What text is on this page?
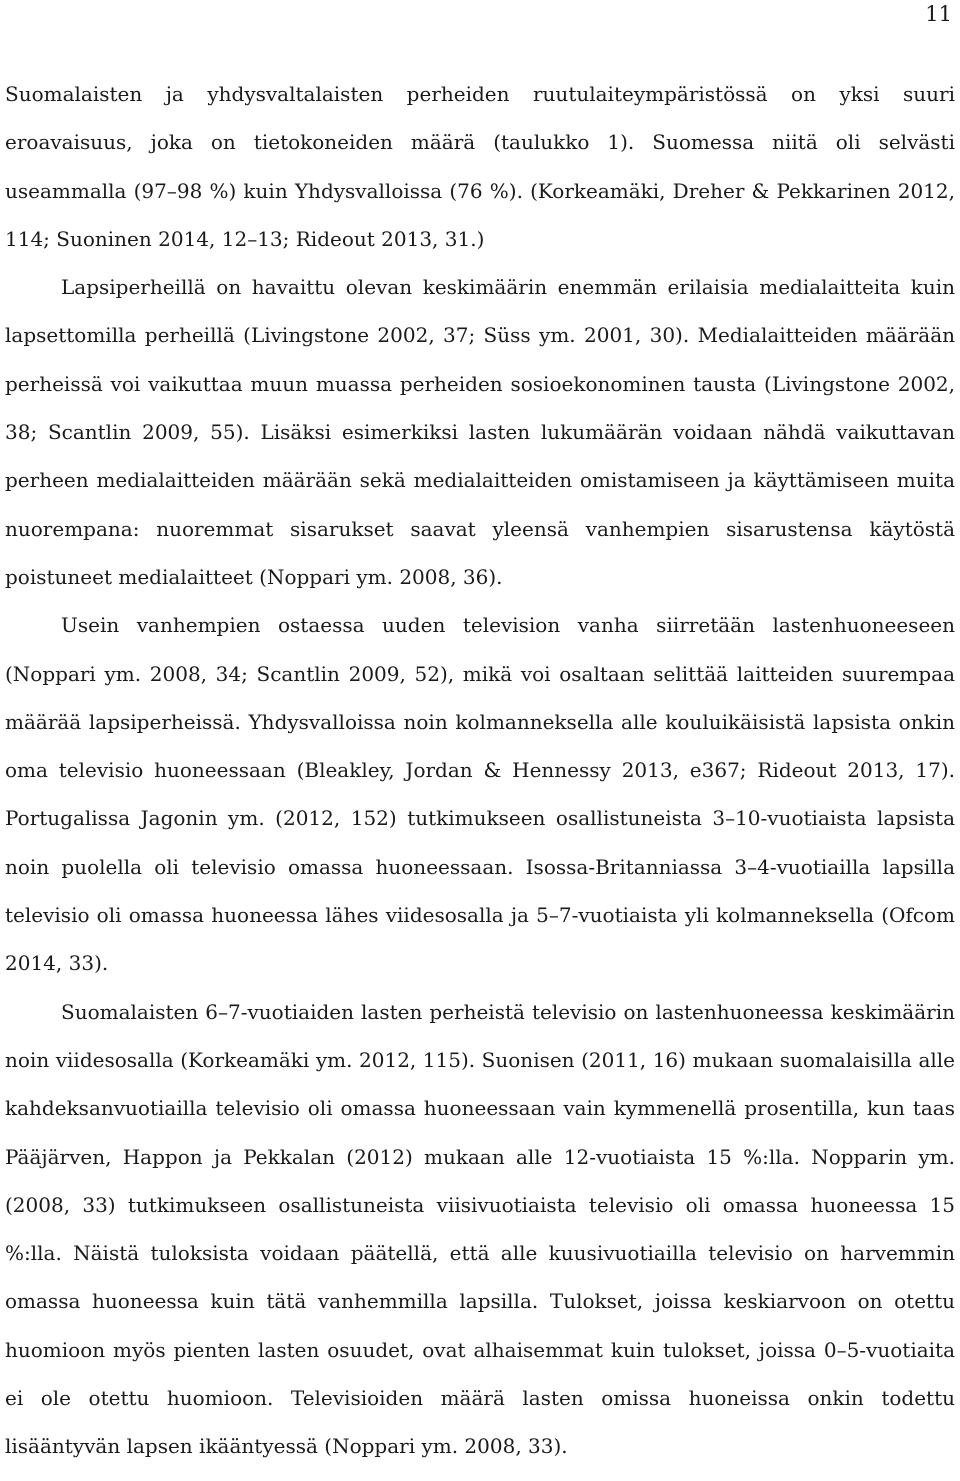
11

Suomalaisten ja yhdysvaltalaisten perheiden ruutulaiteympäristössä on yksi suuri eroavaisuus, joka on tietokoneiden määrä (taulukko 1). Suomessa niitä oli selvästi useammalla (97–98 %) kuin Yhdysvalloissa (76 %). (Korkeamäki, Dreher & Pekkarinen 2012, 114; Suoninen 2014, 12–13; Rideout 2013, 31.)

Lapsiperheillä on havaittu olevan keskimäärin enemmän erilaisia medialaitteita kuin lapsettomilla perheillä (Livingstone 2002, 37; Süss ym. 2001, 30). Medialaitteiden määrään perheissä voi vaikuttaa muun muassa perheiden sosioekonominen tausta (Livingstone 2002, 38; Scantlin 2009, 55). Lisäksi esimerkiksi lasten lukumäärän voidaan nähdä vaikuttavan perheen medialaitteiden määrään sekä medialaitteiden omistamiseen ja käyttämiseen muita nuorempana: nuoremmat sisarukset saavat yleensä vanhempien sisarustensa käytöstä poistuneet medialaitteet (Noppari ym. 2008, 36).

Usein vanhempien ostaessa uuden television vanha siirretään lastenhuoneeseen (Noppari ym. 2008, 34; Scantlin 2009, 52), mikä voi osaltaan selittää laitteiden suurempaa määrää lapsiperheissä. Yhdysvalloissa noin kolmanneksella alle kouluikäisistä lapsista onkin oma televisio huoneessaan (Bleakley, Jordan & Hennessy 2013, e367; Rideout 2013, 17). Portugalissa Jagonin ym. (2012, 152) tutkimukseen osallistuneista 3–10-vuotiaista lapsista noin puolella oli televisio omassa huoneessaan. Isossa-Britanniassa 3–4-vuotiailla lapsilla televisio oli omassa huoneessa lähes viidesosalla ja 5–7-vuotiaista yli kolmanneksella (Ofcom 2014, 33).

Suomalaisten 6–7-vuotiaiden lasten perheistä televisio on lastenhuoneessa keskimäärin noin viidesosalla (Korkeamäki ym. 2012, 115). Suonisen (2011, 16) mukaan suomalaisilla alle kahdeksanvuotiailla televisio oli omassa huoneessaan vain kymmenellä prosentilla, kun taas Pääjärven, Happon ja Pekkalan (2012) mukaan alle 12-vuotiaista 15 %:lla. Nopparin ym. (2008, 33) tutkimukseen osallistuneista viisivuotiaista televisio oli omassa huoneessa 15 %:lla. Näistä tuloksista voidaan päätellä, että alle kuusivuotiailla televisio on harvemmin omassa huoneessa kuin tätä vanhemmilla lapsilla. Tulokset, joissa keskiarvoon on otettu huomioon myös pienten lasten osuudet, ovat alhaisemmat kuin tulokset, joissa 0–5-vuotiaita ei ole otettu huomioon. Televisioiden määrä lasten omissa huoneissa onkin todettu lisääntyvän lapsen ikääntyessä (Noppari ym. 2008, 33).
